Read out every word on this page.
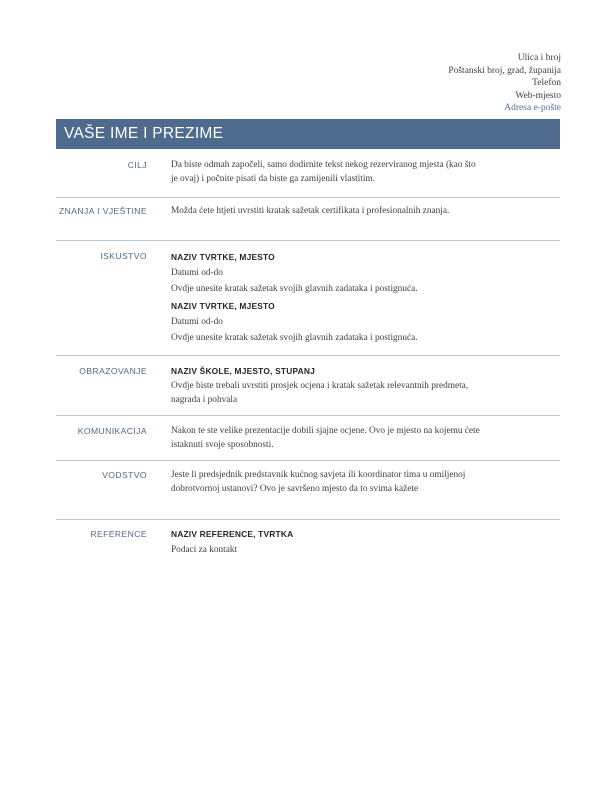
Ulica i broj
Poštanski broj, grad, županija
Telefon
Web-mjesto
Adresa e-pošte
VAŠE IME I PREZIME
CILJ	Da biste odmah započeli, samo dodirnite tekst nekog rezerviranog mjesta (kao što je ovaj) i počnite pisati da biste ga zamijenili vlastitim.

ZNANJA I VJEŠTINE	Možda ćete htjeti uvrstiti kratak sažetak certifikata i profesionalnih znanja.

ISKUSTVO	NAZIV TVRTKE, MJESTO

Datumi od-do

Ovdje unesite kratak sažetak svojih glavnih zadataka i postignuća.

NAZIV TVRTKE, MJESTO

Datumi od-do

Ovdje unesite kratak sažetak svojih glavnih zadataka i postignuća.

OBRAZOVANJE	NAZIV ŠKOLE, MJESTO, STUPANJ

Ovdje biste trebali uvrstiti prosjek ocjena i kratak sažetak relevantnih predmeta, nagrada i pohvala

KOMUNIKACIJA	Nakon te ste velike prezentacije dobili sjajne ocjene. Ovo je mjesto na kojemu ćete istaknuti svoje sposobnosti.

VODSTVO	Jeste li predsjednik predstavnik kućnog savjeta ili koordinator tima u omiljenoj dobrotvornoj ustanovi? Ovo je savršeno mjesto da to svima kažete

REFERENCE	NAZIV REFERENCE, TVRTKA

Podaci za kontakt
